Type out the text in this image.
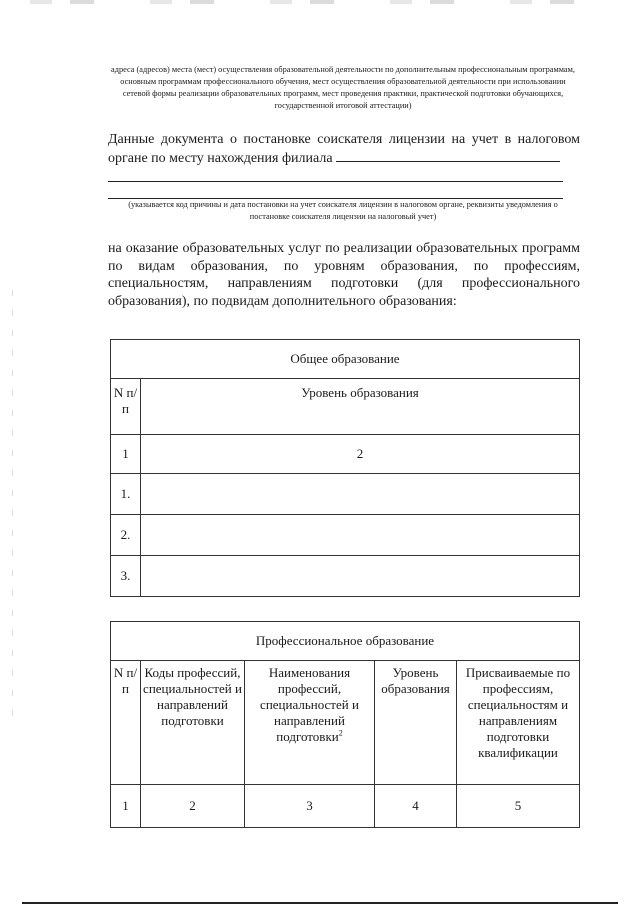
адреса (адресов) места (мест) осуществления образовательной деятельности по дополнительным профессиональным программам, основным программам профессионального обучения, мест осуществления образовательной деятельности при использовании сетевой формы реализации образовательных программ, мест проведения практики, практической подготовки обучающихся, государственной итоговой аттестации)

Данные документа о постановке соискателя лицензии на учет в налоговом органе по месту нахождения филиала

(указывается код причины и дата постановки на учет соискателя лицензии в налоговом органе, реквизиты уведомления о постановке соискателя лицензии на налоговый учет)

на оказание образовательных услуг по реализации образовательных программ по видам образования, по уровням образования, по профессиям, специальностям, направлениям подготовки (для профессионального образования), по подвидам дополнительного образования:

Общее образование	
N п/п	Уровень образования
1	2
1.	
2.	
3.	
Профессиональное образование				
N п/п	Коды профессий, специальностей и направлений подготовки	Наименования профессий, специальностей и направлений подготовки$^2$	Уровень образования	Присваиваемые по профессиям, специальностям и направлениям подготовки квалификации
1	2	3	4	5
